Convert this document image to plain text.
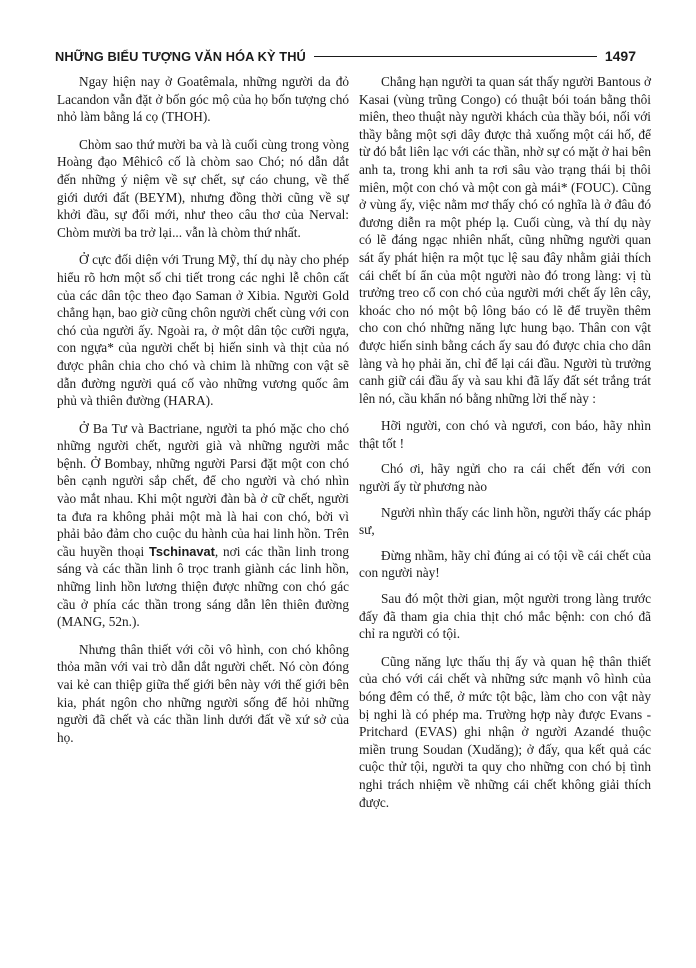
NHỮNG BIỂU TƯỢNG VĂN HÓA KỲ THÚ	1497

Ngay hiện nay ở Goatêmala, những người da đỏ Lacandon vẫn đặt ở bốn góc mộ của họ bốn tượng chó nhỏ làm bằng lá cọ (THOH).

Chòm sao thứ mười ba và là cuối cùng trong vòng Hoàng đạo Mêhicô cố là chòm sao Chó; nó dẫn dắt đến những ý niệm về sự chết, sự cáo chung, về thế giới dưới đất (BEYM), nhưng đồng thời cũng về sự khởi đầu, sự đổi mới, như theo câu thơ của Nerval: Chòm mười ba trở lại... vẫn là chòm thứ nhất.

Ở cực đối diện với Trung Mỹ, thí dụ này cho phép hiểu rõ hơn một số chi tiết trong các nghi lễ chôn cất của các dân tộc theo đạo Saman ở Xibia. Người Gold chẳng hạn, bao giờ cũng chôn người chết cùng với con chó của người ấy. Ngoài ra, ở một dân tộc cưỡi ngựa, con ngựa* của người chết bị hiến sinh và thịt của nó được phân chia cho chó và chim là những con vật sẽ dẫn đường người quá cố vào những vương quốc âm phủ và thiên đường (HARA).

Ở Ba Tư và Bactriane, người ta phó mặc cho chó những người chết, người già và những người mắc bệnh. Ở Bombay, những người Parsi đặt một con chó bên cạnh người sắp chết, để cho người và chó nhìn vào mắt nhau. Khi một người đàn bà ở cữ chết, người ta đưa ra không phải một mà là hai con chó, bởi vì phải bảo đảm cho cuộc du hành của hai linh hồn. Trên cầu huyền thoại Tschinavat, nơi các thần linh trong sáng và các thần linh ô trọc tranh giành các linh hồn, những linh hồn lương thiện được những con chó gác cầu ở phía các thần trong sáng dẫn lên thiên đường (MANG, 52n.).

Nhưng thân thiết với cõi vô hình, con chó không thỏa mãn với vai trò dẫn dắt người chết. Nó còn đóng vai kẻ can thiệp giữa thế giới bên này với thế giới bên kia, phát ngôn cho những người sống để hỏi những người đã chết và các thần linh dưới đất về xứ sở của họ.

Chẳng hạn người ta quan sát thấy người Bantous ở Kasai (vùng trũng Congo) có thuật bói toán bằng thôi miên, theo thuật này người khách của thầy bói, nối với thầy bằng một sợi dây được thả xuống một cái hố, để từ đó bắt liên lạc với các thần, nhờ sự có mặt ở hai bên anh ta, trong khi anh ta rơi sâu vào trạng thái bị thôi miên, một con chó và một con gà mái* (FOUC). Cũng ở vùng ấy, việc nằm mơ thấy chó có nghĩa là ở đâu đó đương diễn ra một phép lạ. Cuối cùng, và thí dụ này có lẽ đáng ngạc nhiên nhất, cũng những người quan sát ấy phát hiện ra một tục lệ sau đây nhằm giải thích cái chết bí ẩn của một người nào đó trong làng: vị tù trưởng treo cổ con chó của người mới chết ấy lên cây, khoác cho nó một bộ lông báo có lẽ để truyền thêm cho con chó những năng lực hung bạo. Thân con vật được hiến sinh bằng cách ấy sau đó được chia cho dân làng và họ phải ăn, chỉ để lại cái đầu. Người tù trưởng canh giữ cái đầu ấy và sau khi đã lấy đất sét trắng trát lên nó, cầu khẩn nó bằng những lời thế này :

Hỡi người, con chó và ngươi, con báo, hãy nhìn thật tốt !

Chó ơi, hãy ngửi cho ra cái chết đến với con người ấy từ phương nào

Người nhìn thấy các linh hồn, người thấy các pháp sư,

Đừng nhầm, hãy chỉ đúng ai có tội về cái chết của con người này!

Sau đó một thời gian, một người trong làng trước đấy đã tham gia chia thịt chó mắc bệnh: con chó đã chỉ ra người có tội.

Cũng năng lực thấu thị ấy và quan hệ thân thiết của chó với cái chết và những sức mạnh vô hình của bóng đêm có thể, ở mức tột bậc, làm cho con vật này bị nghi là có phép ma. Trường hợp này được Evans - Pritchard (EVAS) ghi nhận ở người Azandé thuộc miền trung Soudan (Xudăng); ở đấy, qua kết quả các cuộc thử tội, người ta quy cho những con chó bị tình nghi trách nhiệm về những cái chết không giải thích được.
